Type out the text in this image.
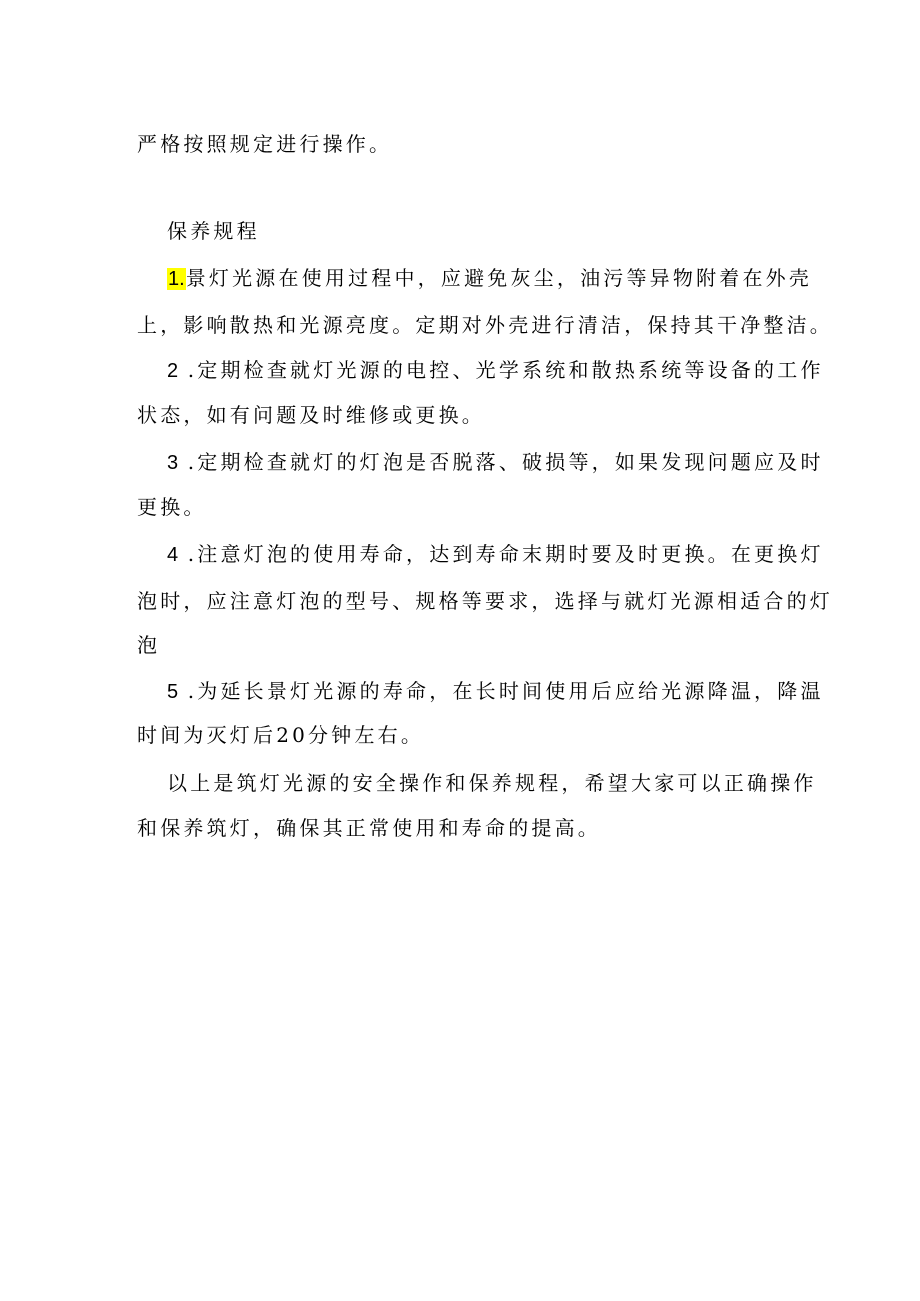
严格按照规定进行操作。
保养规程
1.景灯光源在使用过程中，应避免灰尘，油污等异物附着在外壳
上，影响散热和光源亮度。定期对外壳进行清洁，保持其干净整洁。
2 .定期检查就灯光源的电控、光学系统和散热系统等设备的工作
状态，如有问题及时维修或更换。
3 .定期检查就灯的灯泡是否脱落、破损等，如果发现问题应及时
更换。
4 .注意灯泡的使用寿命，达到寿命末期时要及时更换。在更换灯
泡时，应注意灯泡的型号、规格等要求，选择与就灯光源相适合的灯
泡
5 .为延长景灯光源的寿命，在长时间使用后应给光源降温，降温
时间为灭灯后20分钟左右。
以上是筑灯光源的安全操作和保养规程，希望大家可以正确操作
和保养筑灯，确保其正常使用和寿命的提高。
